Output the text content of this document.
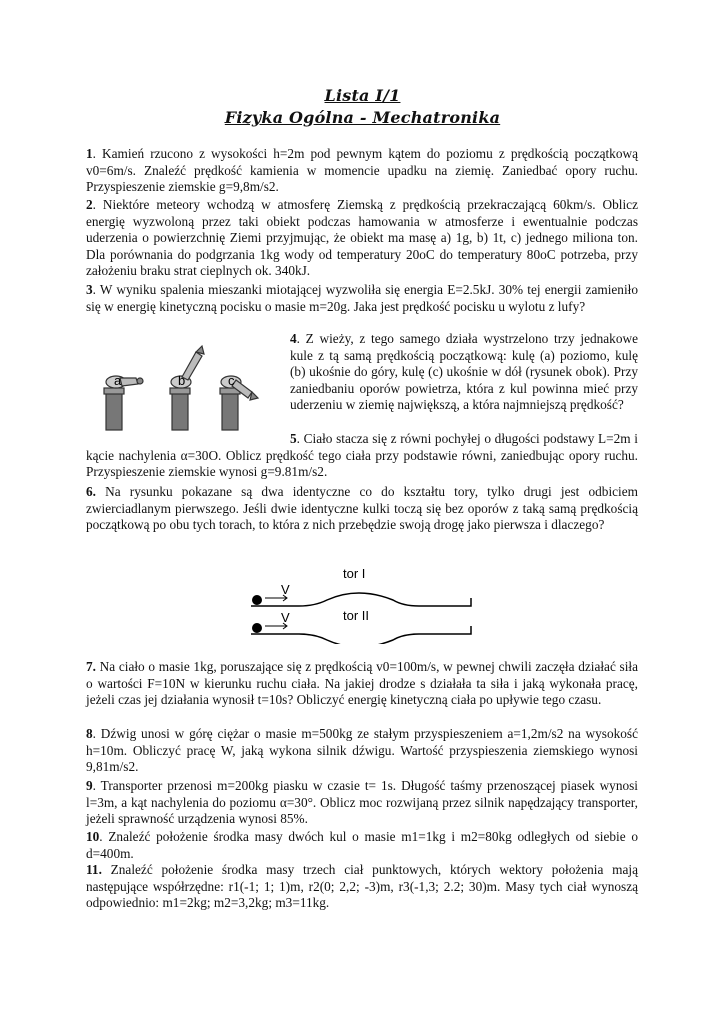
Lista I/1
Fizyka Ogólna - Mechatronika
1. Kamień rzucono z wysokości h=2m pod pewnym kątem do poziomu z prędkością początkową v0=6m/s. Znaleźć prędkość kamienia w momencie upadku na ziemię. Zaniedbać opory ruchu. Przyspieszenie ziemskie g=9,8m/s2.
2. Niektóre meteory wchodzą w atmosferę Ziemską z prędkością przekraczającą 60km/s. Oblicz energię wyzwoloną przez taki obiekt podczas hamowania w atmosferze i ewentualnie podczas uderzenia o powierzchnię Ziemi przyjmując, że obiekt ma masę a) 1g, b) 1t, c) jednego miliona ton. Dla porównania do podgrzania 1kg wody od temperatury 20oC do temperatury 80oC potrzeba, przy założeniu braku strat cieplnych ok. 340kJ.
3. W wyniku spalenia mieszanki miotającej wyzwoliła się energia E=2.5kJ. 30% tej energii zamieniło się w energię kinetyczną pocisku o masie m=20g. Jaka jest prędkość pocisku u wylotu z lufy?
a	b	c
4. Z wieży, z tego samego działa wystrzelono trzy jednakowe kule z tą samą prędkością początkową: kulę (a) poziomo, kulę (b) ukośnie do góry, kulę (c) ukośnie w dół (rysunek obok). Przy zaniedbaniu oporów powietrza, która z kul powinna mieć przy uderzeniu w ziemię największą, a która najmniejszą prędkość?
5. Ciało stacza się z równi pochyłej o długości podstawy L=2m i kącie nachylenia α=30O. Oblicz prędkość tego ciała przy podstawie równi, zaniedbując opory ruchu. Przyspieszenie ziemskie wynosi g=9.81m/s2.
6. Na rysunku pokazane są dwa identyczne co do kształtu tory, tylko drugi jest odbiciem zwierciadlanym pierwszego. Jeśli dwie identyczne kulki toczą się bez oporów z taką samą prędkością początkową po obu tych torach, to która z nich przebędzie swoją drogę jako pierwsza i dlaczego?
tor I
tor II
V
V
7. Na ciało o masie 1kg, poruszające się z prędkością v0=100m/s, w pewnej chwili zaczęła działać siła o wartości F=10N w kierunku ruchu ciała. Na jakiej drodze s działała ta siła i jaką wykonała pracę, jeżeli czas jej działania wynosił t=10s? Obliczyć energię kinetyczną ciała po upływie tego czasu.
8. Dźwig unosi w górę ciężar o masie m=500kg ze stałym przyspieszeniem a=1,2m/s2 na wysokość h=10m. Obliczyć pracę W, jaką wykona silnik dźwigu. Wartość przyspieszenia ziemskiego wynosi 9,81m/s2.
9. Transporter przenosi m=200kg piasku w czasie t= 1s. Długość taśmy przenoszącej piasek wynosi l=3m, a kąt nachylenia do poziomu α=30°. Oblicz moc rozwijaną przez silnik napędzający transporter, jeżeli sprawność urządzenia wynosi 85%.
10. Znaleźć położenie środka masy dwóch kul o masie m1=1kg i m2=80kg odległych od siebie o d=400m.
11. Znaleźć położenie środka masy trzech ciał punktowych, których wektory położenia mają następujące współrzędne: r1(-1; 1; 1)m, r2(0; 2,2; -3)m, r3(-1,3; 2.2; 30)m. Masy tych ciał wynoszą odpowiednio: m1=2kg; m2=3,2kg; m3=11kg.
